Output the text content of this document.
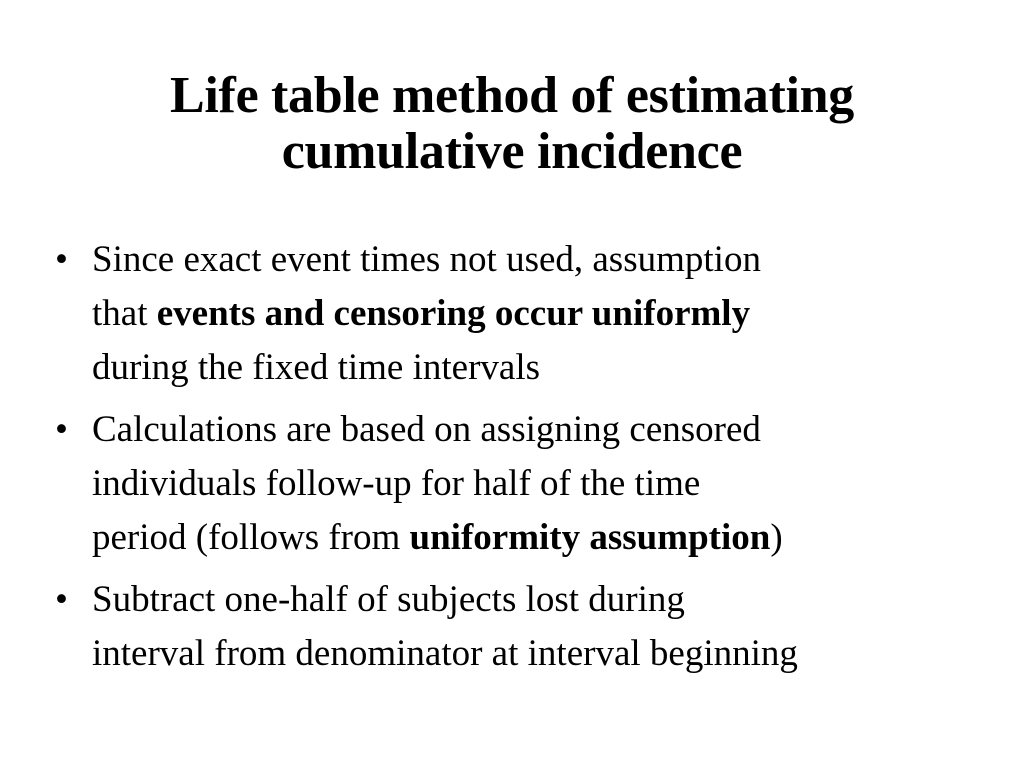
Life table method of estimating
cumulative incidence
• Since exact event times not used, assumption
that events and censoring occur uniformly
during the fixed time intervals
• Calculations are based on assigning censored
individuals follow-up for half of the time
period (follows from uniformity assumption)
• Subtract one-half of subjects lost during
interval from denominator at interval beginning
